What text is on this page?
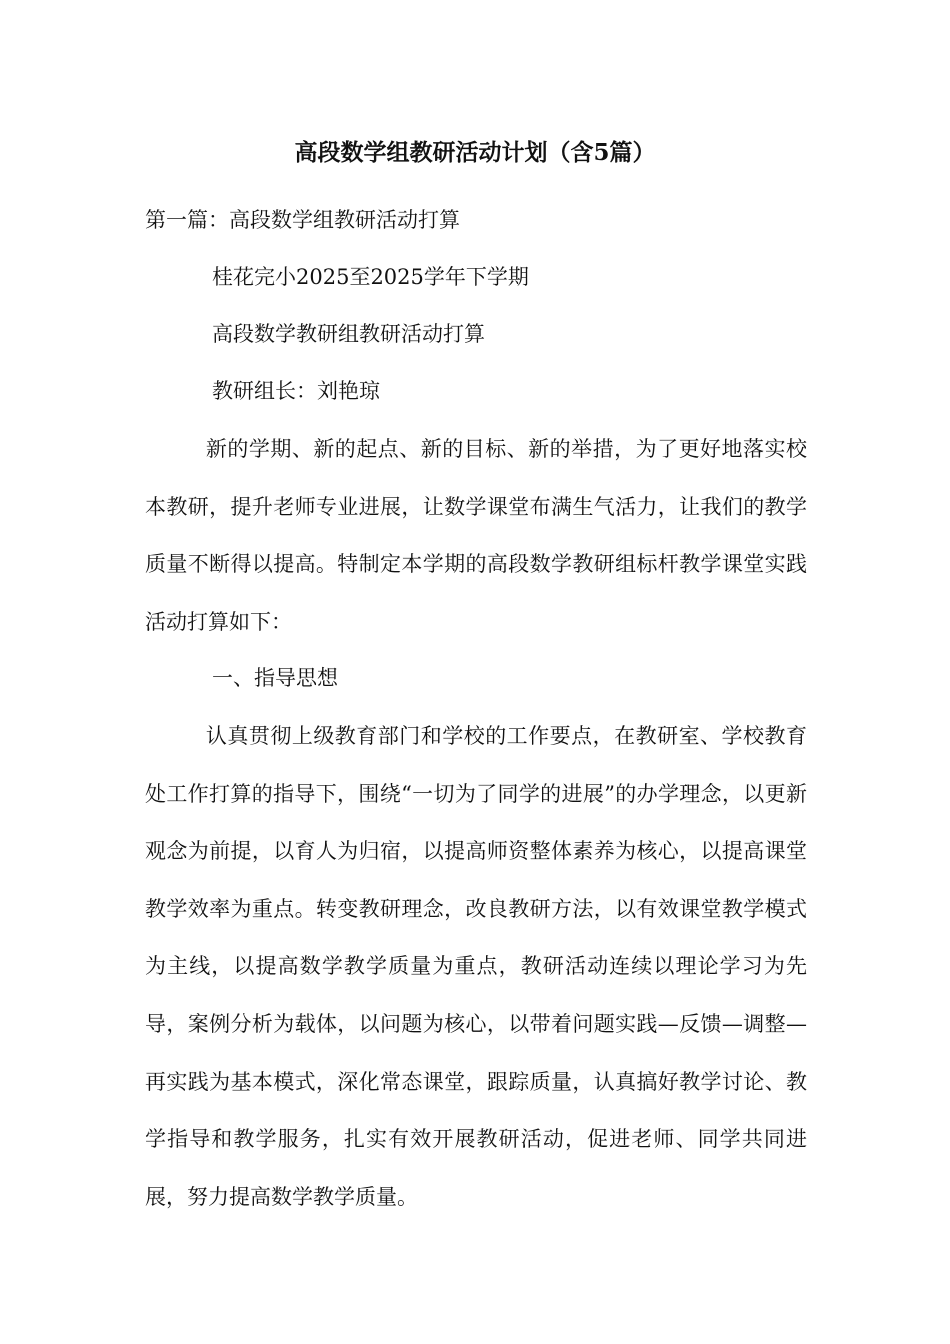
高段数学组教研活动计划（含5篇）

第一篇：高段数学组教研活动打算

桂花完小2025至2025学年下学期

高段数学教研组教研活动打算

教研组长：刘艳琼

新的学期、新的起点、新的目标、新的举措，为了更好地落实校本教研，提升老师专业进展，让数学课堂布满生气活力，让我们的教学质量不断得以提高。特制定本学期的高段数学教研组标杆教学课堂实践活动打算如下：

一、指导思想

认真贯彻上级教育部门和学校的工作要点，在教研室、学校教育处工作打算的指导下，围绕“一切为了同学的进展”的办学理念，以更新观念为前提，以育人为归宿，以提高师资整体素养为核心，以提高课堂教学效率为重点。转变教研理念，改良教研方法，以有效课堂教学模式为主线，以提高数学教学质量为重点，教研活动连续以理论学习为先导，案例分析为载体，以问题为核心，以带着问题实践—反馈—调整—再实践为基本模式，深化常态课堂，跟踪质量，认真搞好教学讨论、教学指导和教学服务，扎实有效开展教研活动，促进老师、同学共同进展，努力提高数学教学质量。
